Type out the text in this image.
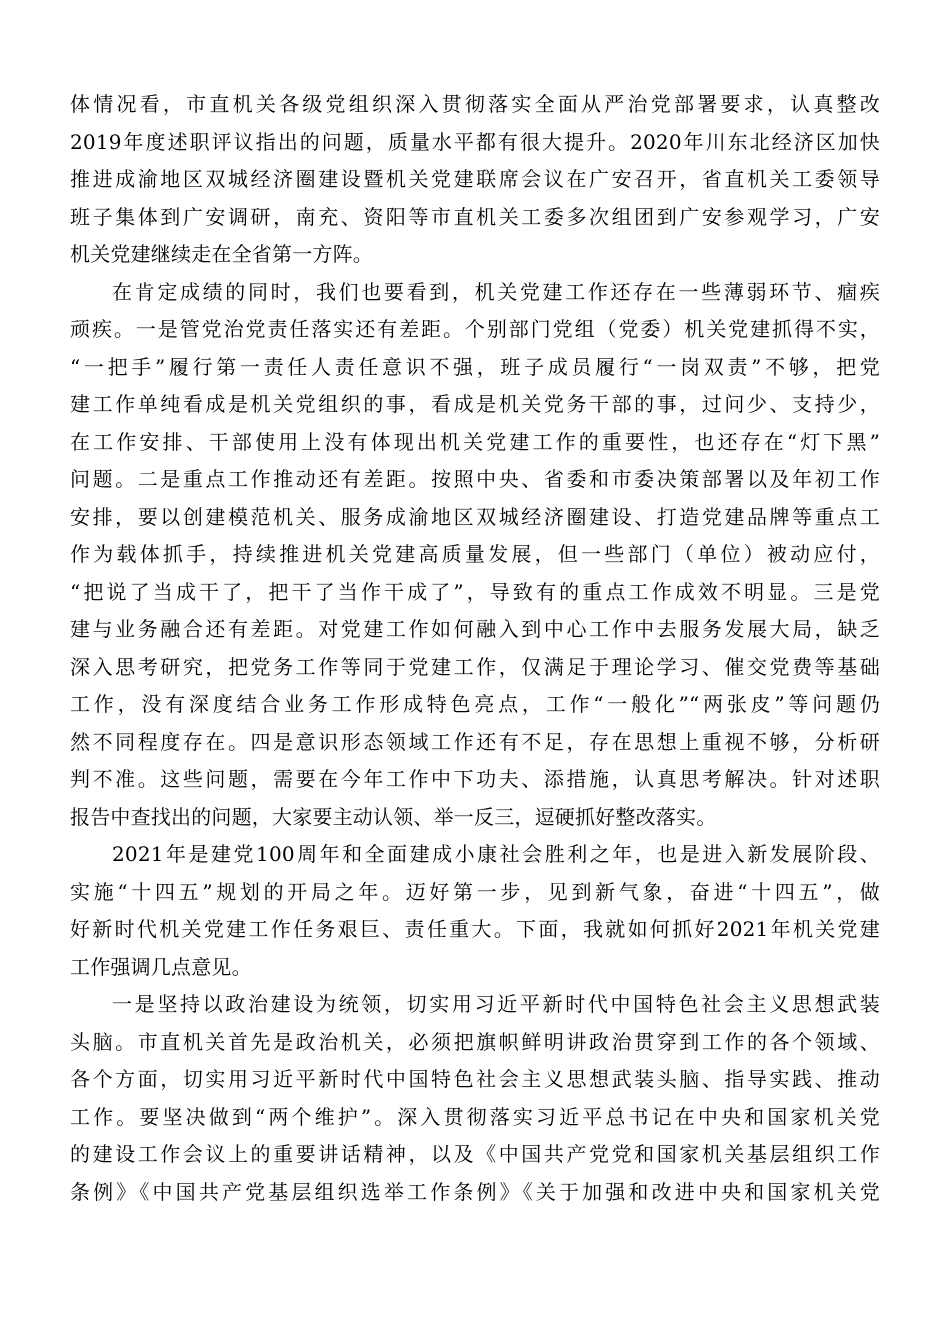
体情况看，市直机关各级党组织深入贯彻落实全面从严治党部署要求，认真整改
2019年度述职评议指出的问题，质量水平都有很大提升。2020年川东北经济区加快
推进成渝地区双城经济圈建设暨机关党建联席会议在广安召开，省直机关工委领导
班子集体到广安调研，南充、资阳等市直机关工委多次组团到广安参观学习，广安
机关党建继续走在全省第一方阵。

在肯定成绩的同时，我们也要看到，机关党建工作还存在一些薄弱环节、痼疾
顽疾。一是管党治党责任落实还有差距。个别部门党组（党委）机关党建抓得不实，
“一把手”履行第一责任人责任意识不强，班子成员履行“一岗双责”不够，把党
建工作单纯看成是机关党组织的事，看成是机关党务干部的事，过问少、支持少，
在工作安排、干部使用上没有体现出机关党建工作的重要性，也还存在“灯下黑”
问题。二是重点工作推动还有差距。按照中央、省委和市委决策部署以及年初工作
安排，要以创建模范机关、服务成渝地区双城经济圈建设、打造党建品牌等重点工
作为载体抓手，持续推进机关党建高质量发展，但一些部门（单位）被动应付，
“把说了当成干了，把干了当作干成了”，导致有的重点工作成效不明显。三是党
建与业务融合还有差距。对党建工作如何融入到中心工作中去服务发展大局，缺乏
深入思考研究，把党务工作等同于党建工作，仅满足于理论学习、催交党费等基础
工作，没有深度结合业务工作形成特色亮点，工作“一般化”“两张皮”等问题仍
然不同程度存在。四是意识形态领域工作还有不足，存在思想上重视不够，分析研
判不准。这些问题，需要在今年工作中下功夫、添措施，认真思考解决。针对述职
报告中查找出的问题，大家要主动认领、举一反三，逗硬抓好整改落实。

2021年是建党100周年和全面建成小康社会胜利之年，也是进入新发展阶段、
实施“十四五”规划的开局之年。迈好第一步，见到新气象，奋进“十四五”，做
好新时代机关党建工作任务艰巨、责任重大。下面，我就如何抓好2021年机关党建
工作强调几点意见。

一是坚持以政治建设为统领，切实用习近平新时代中国特色社会主义思想武装
头脑。市直机关首先是政治机关，必须把旗帜鲜明讲政治贯穿到工作的各个领域、
各个方面，切实用习近平新时代中国特色社会主义思想武装头脑、指导实践、推动
工作。要坚决做到“两个维护”。深入贯彻落实习近平总书记在中央和国家机关党
的建设工作会议上的重要讲话精神，以及《中国共产党党和国家机关基层组织工作
条例》《中国共产党基层组织选举工作条例》《关于加强和改进中央和国家机关党
